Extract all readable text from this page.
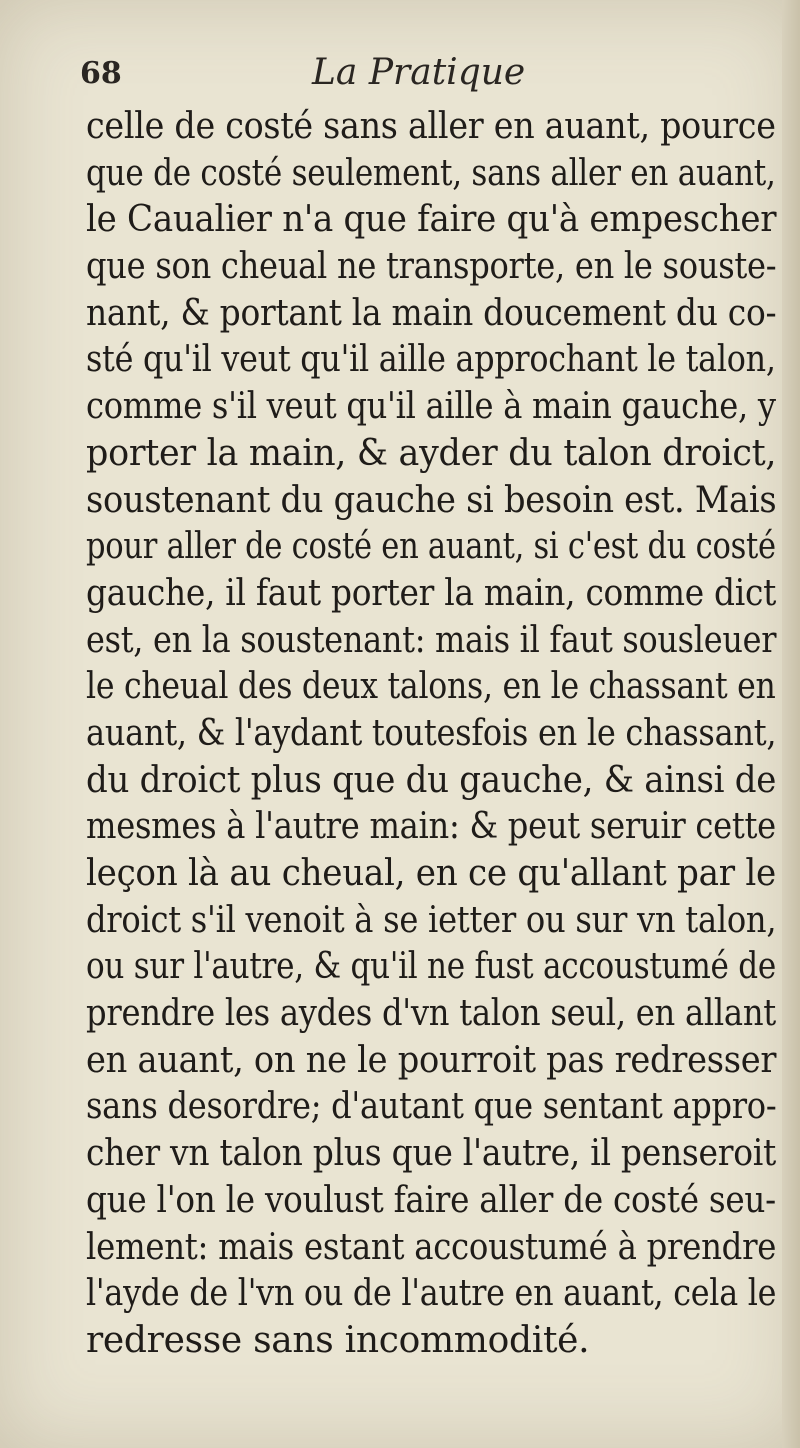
68	La Pratique
celle de costé sans aller en auant, pource
que de costé seulement, sans aller en auant,
le Caualier n'a que faire qu'à empescher
que son cheual ne transporte, en le souste-
nant, & portant la main doucement du co-
sté qu'il veut qu'il aille approchant le talon,
comme s'il veut qu'il aille à main gauche, y
porter la main, & ayder du talon droict,
soustenant du gauche si besoin est. Mais
pour aller de costé en auant, si c'est du costé
gauche, il faut porter la main, comme dict
est, en la soustenant: mais il faut sousleuer
le cheual des deux talons, en le chassant en
auant, & l'aydant toutesfois en le chassant,
du droict plus que du gauche, & ainsi de
mesmes à l'autre main: & peut seruir cette
leçon là au cheual, en ce qu'allant par le
droict s'il venoit à se ietter ou sur vn talon,
ou sur l'autre, & qu'il ne fust accoustumé de
prendre les aydes d'vn talon seul, en allant
en auant, on ne le pourroit pas redresser
sans desordre; d'autant que sentant appro-
cher vn talon plus que l'autre, il penseroit
que l'on le voulust faire aller de costé seu-
lement: mais estant accoustumé à prendre
l'ayde de l'vn ou de l'autre en auant, cela le
redresse sans incommodité.
